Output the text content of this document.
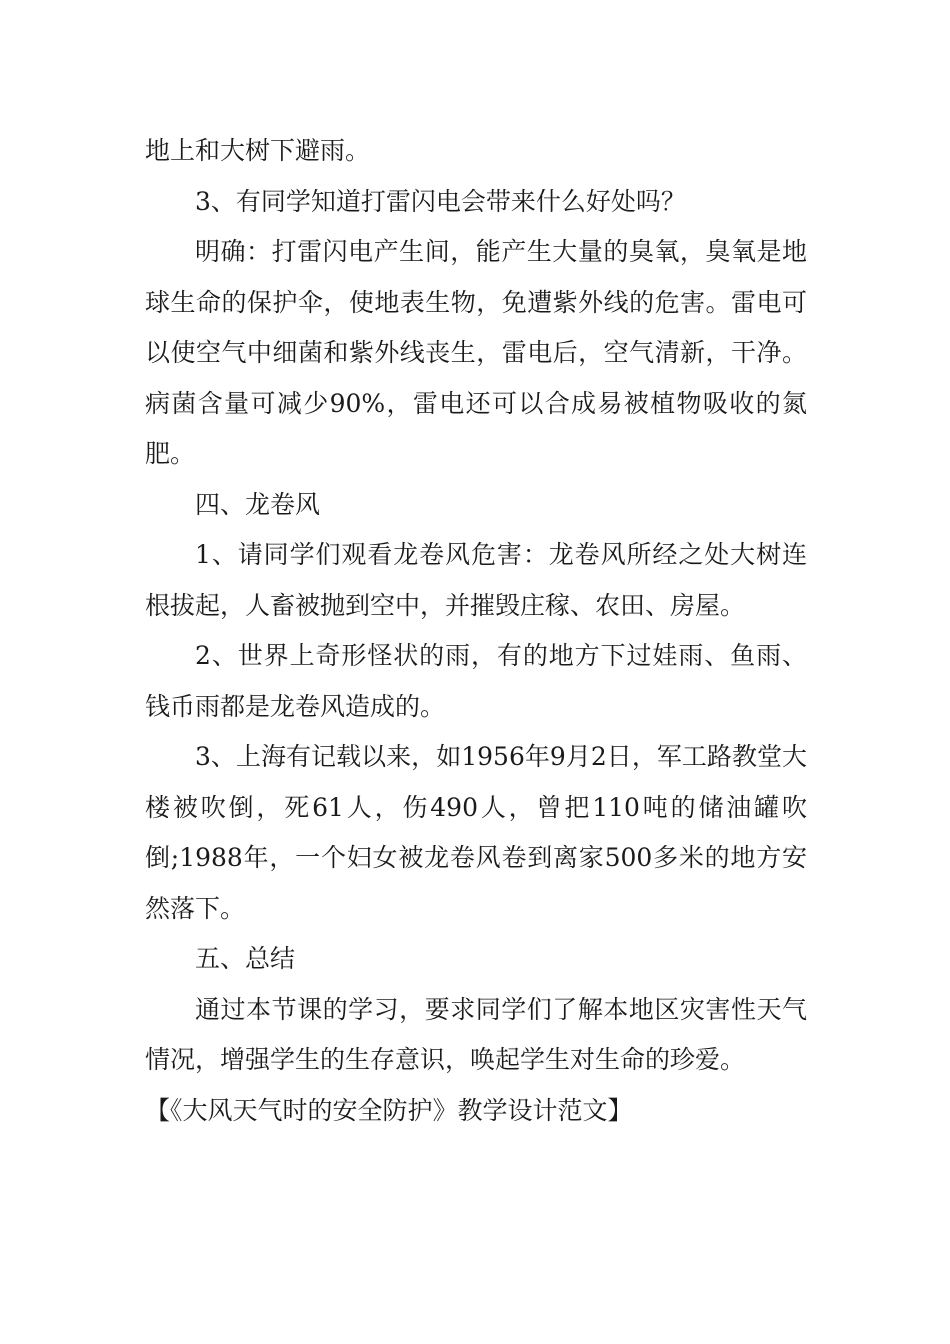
地上和大树下避雨。

3、有同学知道打雷闪电会带来什么好处吗？

明确：打雷闪电产生间，能产生大量的臭氧，臭氧是地球生命的保护伞，使地表生物，免遭紫外线的危害。雷电可以使空气中细菌和紫外线丧生，雷电后，空气清新，干净。病菌含量可减少90%，雷电还可以合成易被植物吸收的氮肥。

四、龙卷风

1、请同学们观看龙卷风危害：龙卷风所经之处大树连根拔起，人畜被抛到空中，并摧毁庄稼、农田、房屋。

2、世界上奇形怪状的雨，有的地方下过娃雨、鱼雨、钱币雨都是龙卷风造成的。

3、上海有记载以来，如1956年9月2日，军工路教堂大楼被吹倒，死61人，伤490人，曾把110吨的储油罐吹倒;1988年，一个妇女被龙卷风卷到离家500多米的地方安然落下。

五、总结

通过本节课的学习，要求同学们了解本地区灾害性天气情况，增强学生的生存意识，唤起学生对生命的珍爱。

【《大风天气时的安全防护》教学设计范文】
